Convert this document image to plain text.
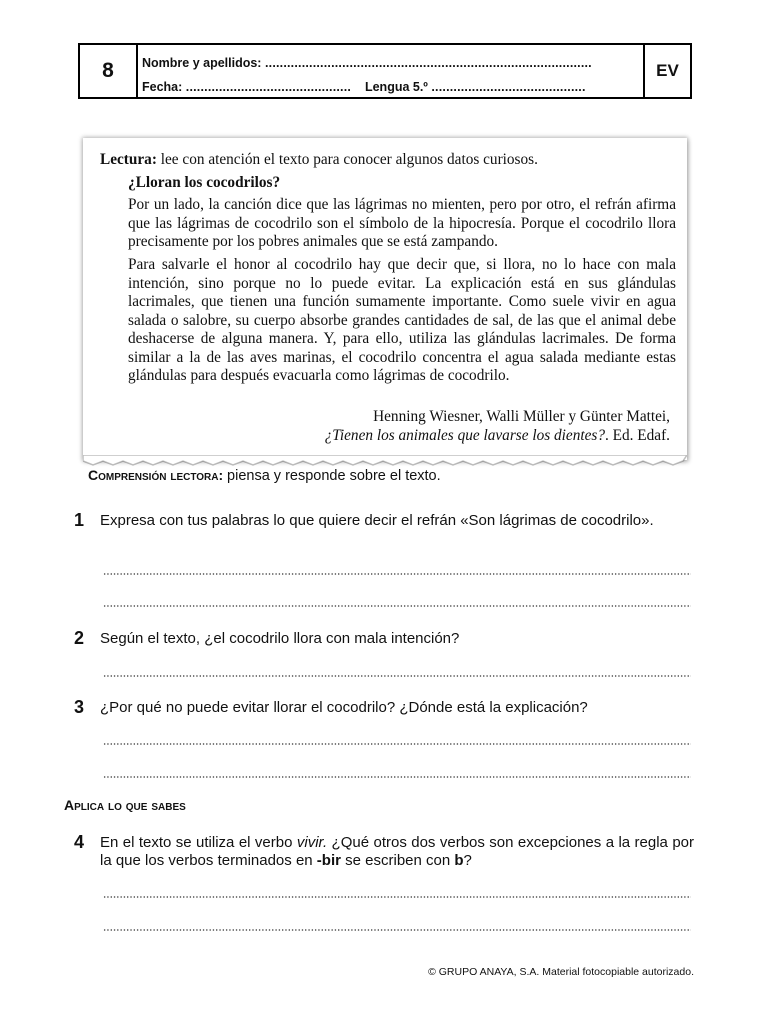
8	Nombre y apellidos: .........................................................................................
Fecha: ............................................. Lengua 5.º ..........................................
EV
Lectura: lee con atención el texto para conocer algunos datos curiosos.
¿Lloran los cocodrilos?

Por un lado, la canción dice que las lágrimas no mienten, pero por otro, el refrán afirma que las lágrimas de cocodrilo son el símbolo de la hipocresía. Porque el cocodrilo llora precisamente por los pobres animales que se está zampando.

Para salvarle el honor al cocodrilo hay que decir que, si llora, no lo hace con mala intención, sino porque no lo puede evitar. La explicación está en sus glándulas lacrimales, que tienen una función sumamente importante. Como suele vivir en agua salada o salobre, su cuerpo absorbe grandes cantidades de sal, de las que el animal debe deshacerse de alguna manera. Y, para ello, utiliza las glándulas lacrimales. De forma similar a la de las aves marinas, el cocodrilo concentra el agua salada mediante estas glándulas para después evacuarla como lágrimas de cocodrilo.

Henning Wiesner, Walli Müller y Günter Mattei,
¿Tienen los animales que lavarse los dientes?. Ed. Edaf.
Comprensión lectora: piensa y responde sobre el texto.
1 Expresa con tus palabras lo que quiere decir el refrán «Son lágrimas de cocodrilo».

2 Según el texto, ¿el cocodrilo llora con mala intención?

3 ¿Por qué no puede evitar llorar el cocodrilo? ¿Dónde está la explicación?

Aplica lo que sabes
4 En el texto se utiliza el verbo vivir. ¿Qué otros dos verbos son excepciones a la regla por la que los verbos terminados en -bir se escriben con b?

© GRUPO ANAYA, S.A. Material fotocopiable autorizado.
